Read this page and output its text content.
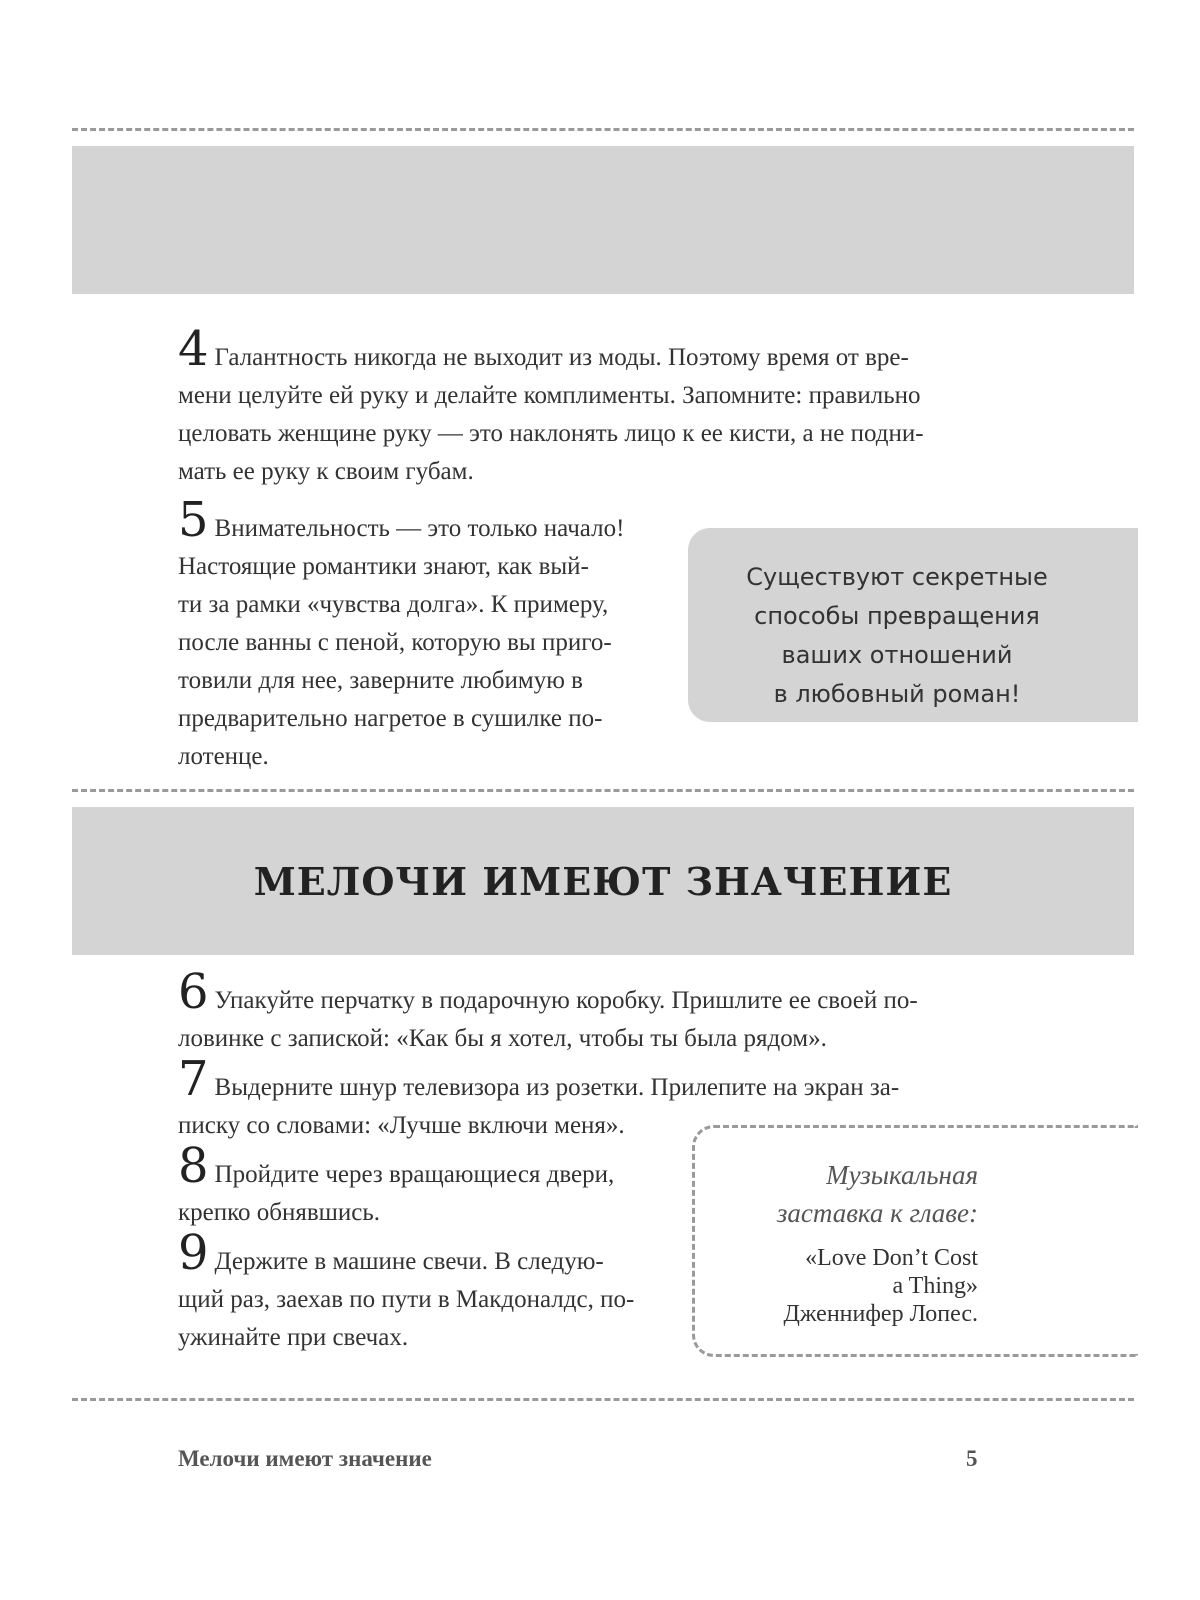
4 Галантность никогда не выходит из моды. Поэтому время от вре-
мени целуйте ей руку и делайте комплименты. Запомните: правильно
целовать женщине руку — это наклонять лицо к ее кисти, а не подни-
мать ее руку к своим губам.
5 Внимательность — это только начало!
Настоящие романтики знают, как вый-
ти за рамки «чувства долга». К примеру,
после ванны с пеной, которую вы приго-
товили для нее, заверните любимую в
предварительно нагретое в сушилке по-
лотенце.
Существуют секретные
способы превращения
ваших отношений
в любовный роман!
МЕЛОЧИ ИМЕЮТ ЗНАЧЕНИЕ
6 Упакуйте перчатку в подарочную коробку. Пришлите ее своей по-
ловинке с запиской: «Как бы я хотел, чтобы ты была рядом».
7 Выдерните шнур телевизора из розетки. Прилепите на экран за-
писку со словами: «Лучше включи меня».
8 Пройдите через вращающиеся двери,
крепко обнявшись.
9 Держите в машине свечи. В следую-
щий раз, заехав по пути в Макдоналдс, по-
ужинайте при свечах.
Музыкальная
заставка к главе:
«Love Don’t Cost
a Thing»
Дженнифер Лопес.
Мелочи имеют значение	5
